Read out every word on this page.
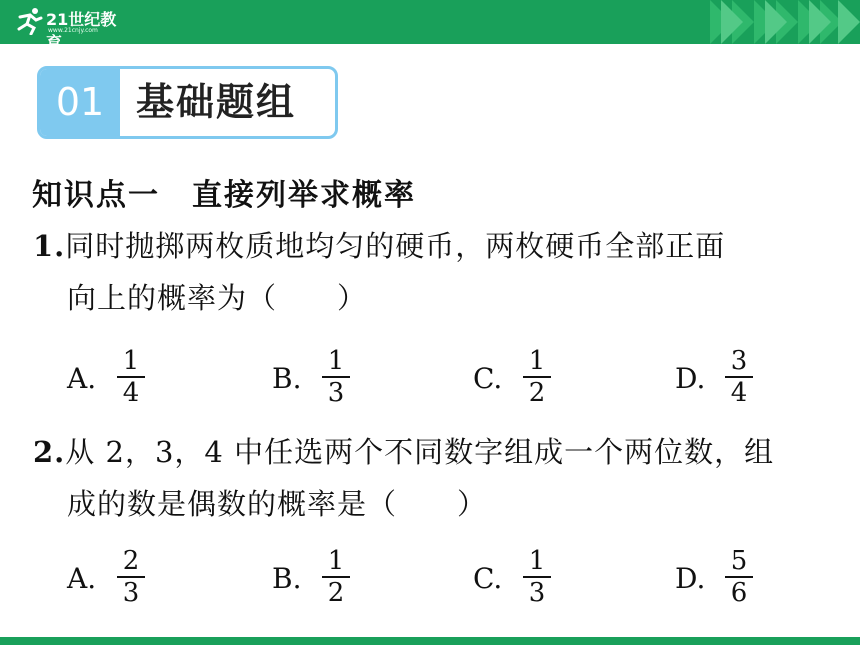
21世纪教育
www.21cnjy.com
01 基础题组
知识点一　直接列举求概率
1.同时抛掷两枚质地均匀的硬币，两枚硬币全部正面
向上的概率为（ ）
A.
1
4	B.
1
3	C.
1
2	D.
3
4
2.从 2，3，4 中任选两个不同数字组成一个两位数，组
成的数是偶数的概率是（ ）
A.
2
3	B.
1
2	C.
1
3	D.
5
6
